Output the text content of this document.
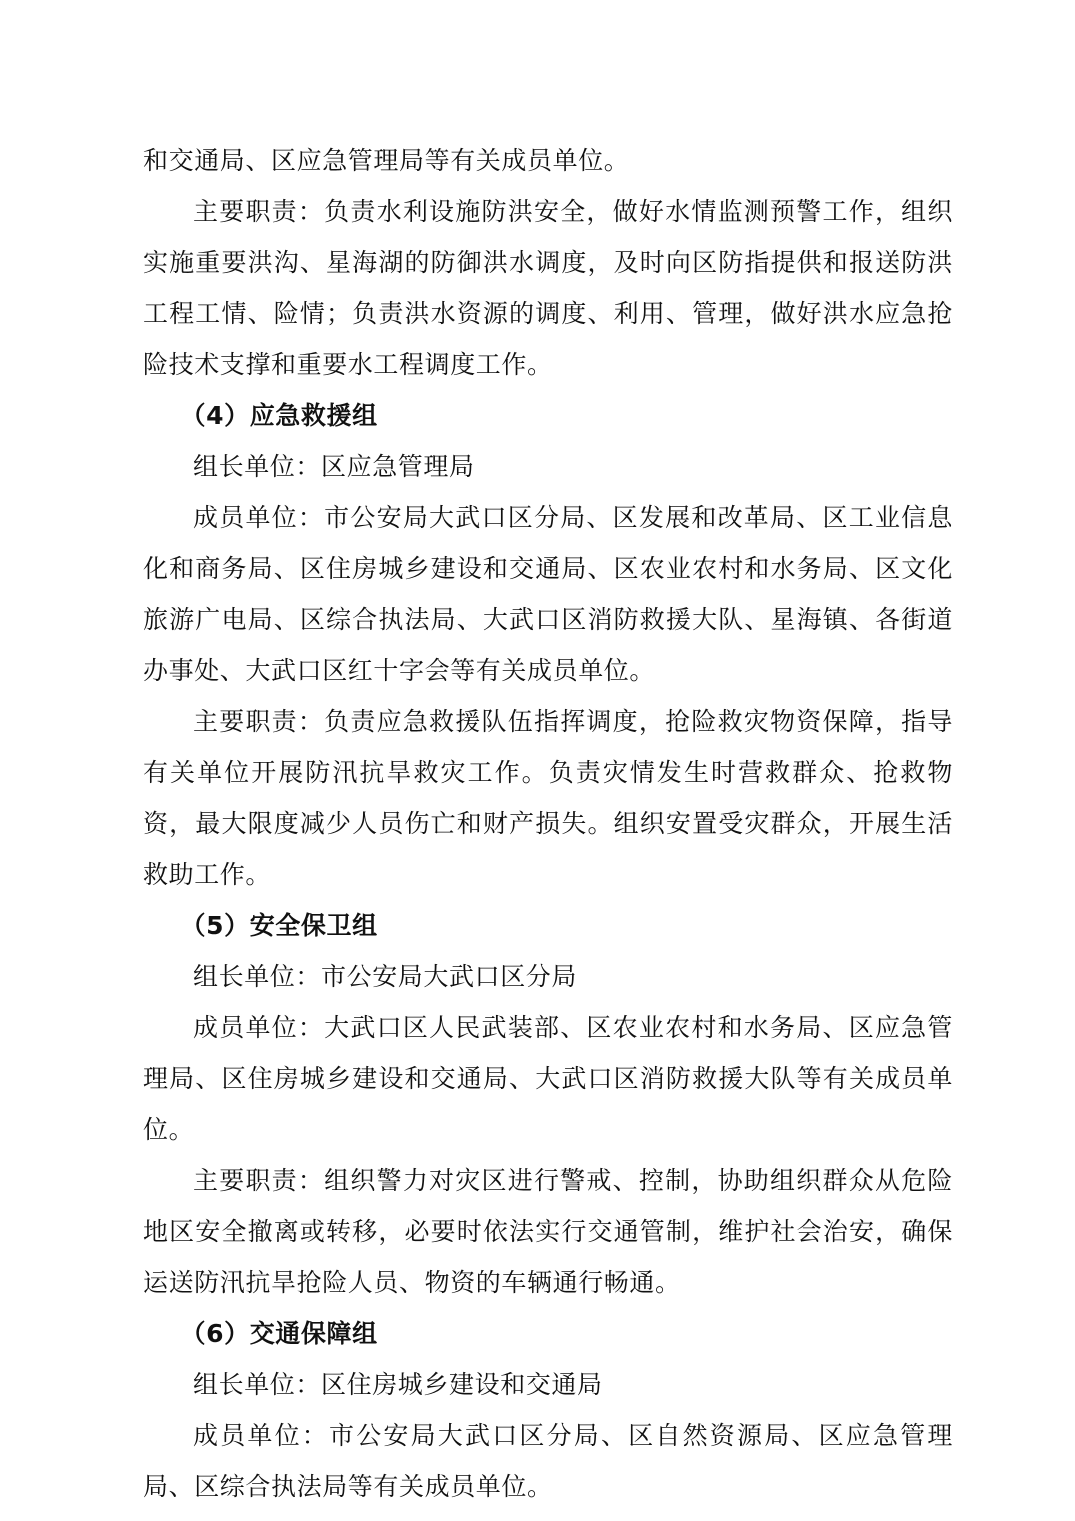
和交通局、区应急管理局等有关成员单位。

主要职责：负责水利设施防洪安全，做好水情监测预警工作，组织实施重要洪沟、星海湖的防御洪水调度，及时向区防指提供和报送防洪工程工情、险情；负责洪水资源的调度、利用、管理，做好洪水应急抢险技术支撑和重要水工程调度工作。

（4）应急救援组

组长单位：区应急管理局

成员单位：市公安局大武口区分局、区发展和改革局、区工业信息化和商务局、区住房城乡建设和交通局、区农业农村和水务局、区文化旅游广电局、区综合执法局、大武口区消防救援大队、星海镇、各街道办事处、大武口区红十字会等有关成员单位。

主要职责：负责应急救援队伍指挥调度，抢险救灾物资保障，指导有关单位开展防汛抗旱救灾工作。负责灾情发生时营救群众、抢救物资，最大限度减少人员伤亡和财产损失。组织安置受灾群众，开展生活救助工作。

（5）安全保卫组

组长单位：市公安局大武口区分局

成员单位：大武口区人民武装部、区农业农村和水务局、区应急管理局、区住房城乡建设和交通局、大武口区消防救援大队等有关成员单位。

主要职责：组织警力对灾区进行警戒、控制，协助组织群众从危险地区安全撤离或转移，必要时依法实行交通管制，维护社会治安，确保运送防汛抗旱抢险人员、物资的车辆通行畅通。

（6）交通保障组

组长单位：区住房城乡建设和交通局

成员单位：市公安局大武口区分局、区自然资源局、区应急管理局、区综合执法局等有关成员单位。
